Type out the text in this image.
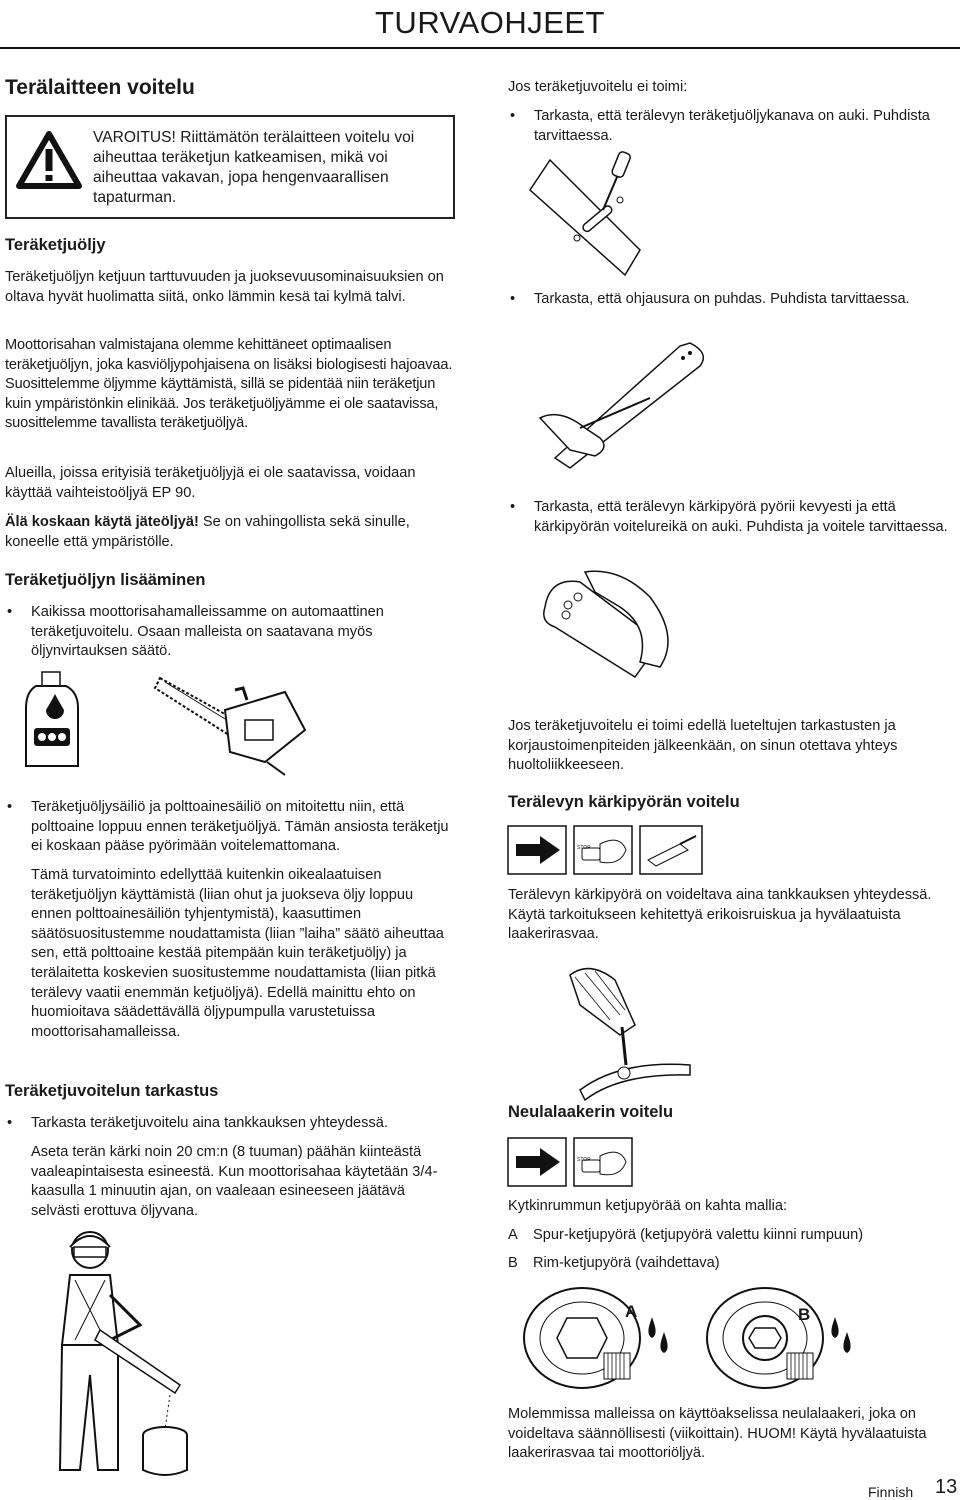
TURVAOHJEET
Terälaitteen voitelu
VAROITUS! Riittämätön terälaitteen voitelu voi aiheuttaa teräketjun katkeamisen, mikä voi aiheuttaa vakavan, jopa hengenvaarallisen tapaturman.
Teräketjuöljy

Teräketjuöljyn ketjuun tarttuvuuden ja juoksevuusominaisuuksien on oltava hyvät huolimatta siitä, onko lämmin kesä tai kylmä talvi.

Moottorisahan valmistajana olemme kehittäneet optimaalisen teräketjuöljyn, joka kasviöljypohjaisena on lisäksi biologisesti hajoavaa. Suosittelemme öljymme käyttämistä, sillä se pidentää niin teräketjun kuin ympäristönkin elinikää. Jos teräketjuöljyämme ei ole saatavissa, suosittelemme tavallista teräketjuöljyä.

Alueilla, joissa erityisiä teräketjuöljyjä ei ole saatavissa, voidaan käyttää vaihteistoöljyä EP 90.

Älä koskaan käytä jäteöljyä! Se on vahingollista sekä sinulle, koneelle että ympäristölle.

Teräketjuöljyn lisääminen
• Kaikissa moottorisahamalleissamme on automaattinen teräketjuvoitelu. Osaan malleista on saatavana myös öljynvirtauksen säätö.
• Teräketjuöljysäiliö ja polttoainesäiliö on mitoitettu niin, että polttoaine loppuu ennen teräketjuöljyä. Tämän ansiosta teräketju ei koskaan pääse pyörimään voitelemattomana.

Tämä turvatoiminto edellyttää kuitenkin oikealaatuisen teräketjuöljyn käyttämistä (liian ohut ja juokseva öljy loppuu ennen polttoainesäiliön tyhjentymistä), kaasuttimen säätösuositustemme noudattamista (liian ”laiha” säätö aiheuttaa sen, että polttoaine kestää pitempään kuin teräketjuöljy) ja terälaitetta koskevien suositustemme noudattamista (liian pitkä terälevy vaatii enemmän ketjuöljyä). Edellä mainittu ehto on huomioitava säädettävällä öljypumpulla varustetuissa moottorisahamalleissa.

Teräketjuvoitelun tarkastus
• Tarkasta teräketjuvoitelu aina tankkauksen yhteydessä.

Aseta terän kärki noin 20 cm:n (8 tuuman) päähän kiinteästä vaaleapintaisesta esineestä. Kun moottorisahaa käytetään 3/4-kaasulla 1 minuutin ajan, on vaaleaan esineeseen jäätävä selvästi erottuva öljyvana.

Jos teräketjuvoitelu ei toimi:

• Tarkasta, että terälevyn teräketjuöljykanava on auki. Puhdista tarvittaessa.
• Tarkasta, että ohjausura on puhdas. Puhdista tarvittaessa.
• Tarkasta, että terälevyn kärkipyörä pyörii kevyesti ja että kärkipyörän voitelureikä on auki. Puhdista ja voitele tarvittaessa.

Jos teräketjuvoitelu ei toimi edellä lueteltujen tarkastusten ja korjaustoimenpiteiden jälkeenkään, on sinun otettava yhteys huoltoliikkeeseen.

Terälevyn kärkipyörän voitelu
STOP

Terälevyn kärkipyörä on voideltava aina tankkauksen yhteydessä. Käytä tarkoitukseen kehitettyä erikoisruiskua ja hyvälaatuista laakerirasvaa.

Neulalaakerin voitelu
STOP

Kytkinrummun ketjupyörää on kahta mallia:

A Spur-ketjupyörä (ketjupyörä valettu kiinni rumpuun)
B Rim-ketjupyörä (vaihdettava)
A	B

Molemmissa malleissa on käyttöakselissa neulalaakeri, joka on voideltava säännöllisesti (viikoittain). HUOM! Käytä hyvälaatuista laakerirasvaa tai moottoriöljyä.

Finnish 13
